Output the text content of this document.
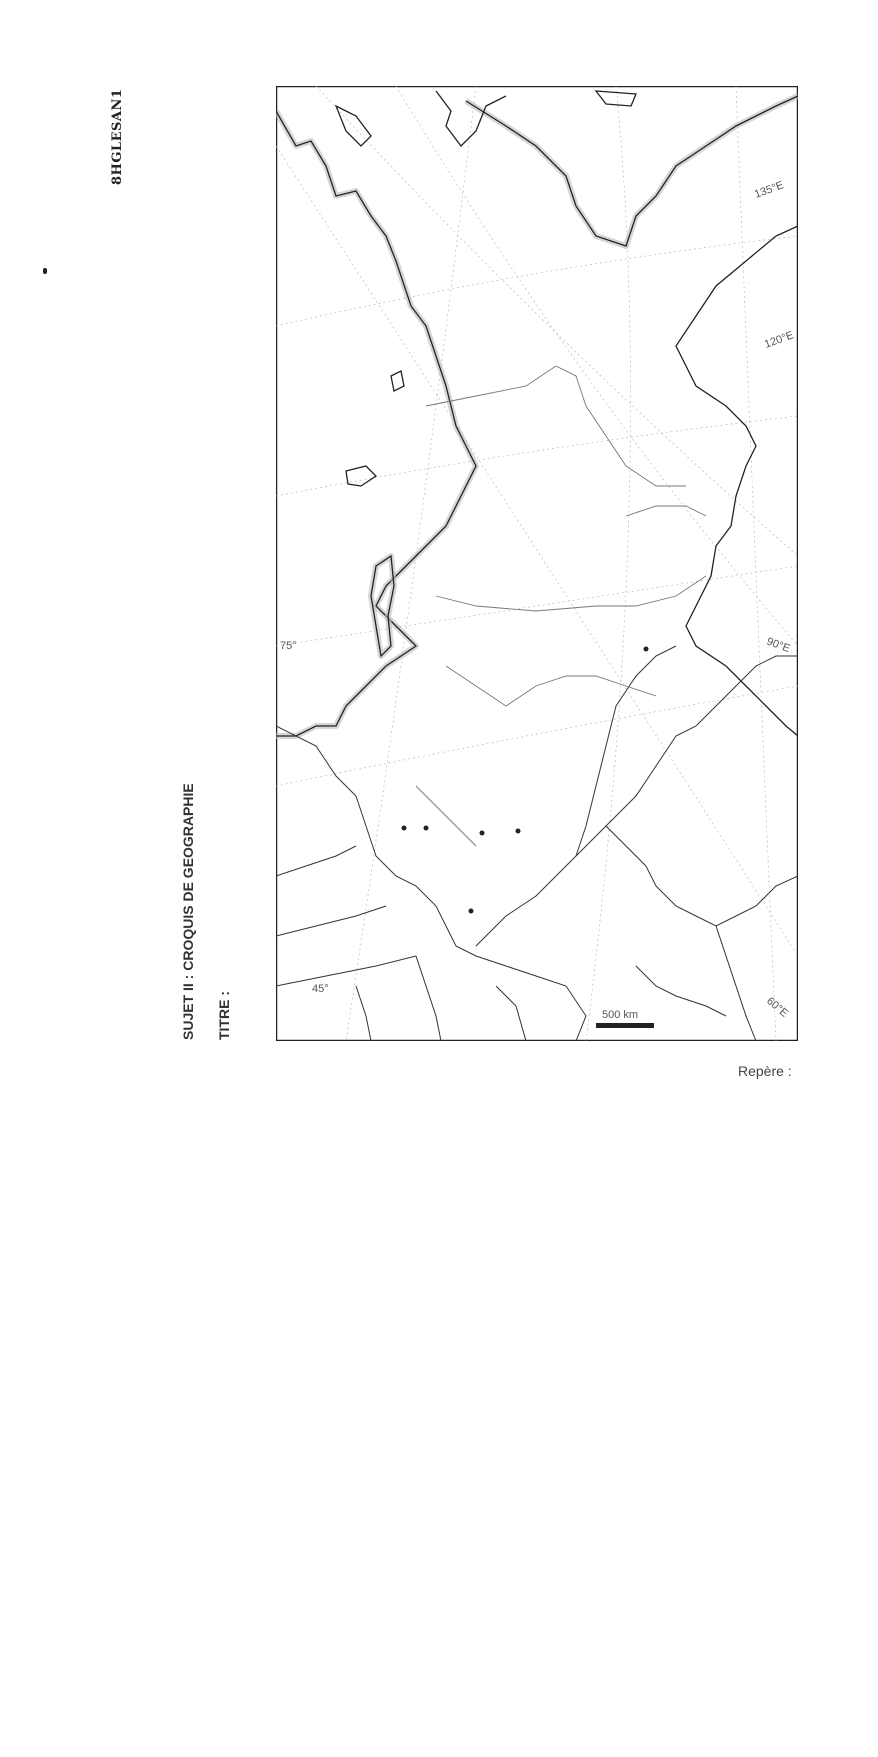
8HGLESAN1
SUJET II : CROQUIS DE GEOGRAPHIE TITRE :	500 km
135°E
120°E
90°E
75°
60°E
45°
Repère :
